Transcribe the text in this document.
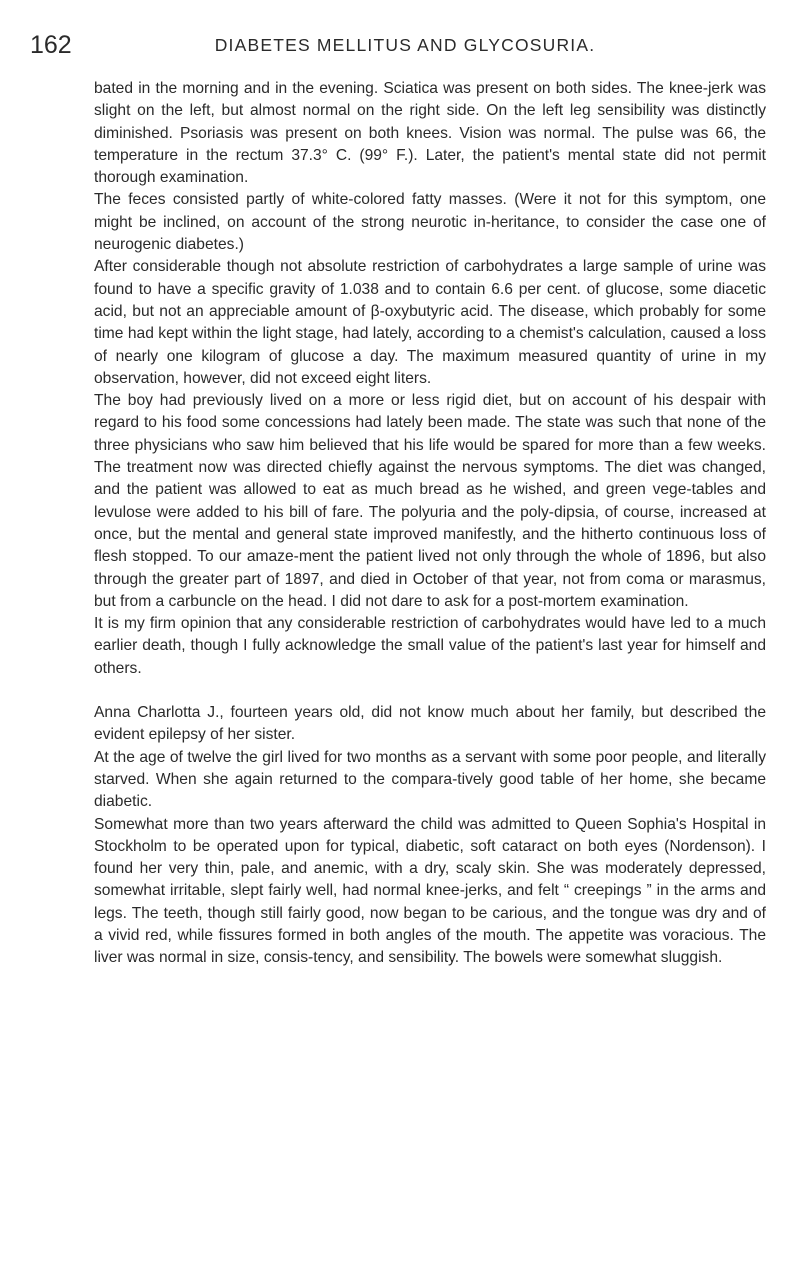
162	DIABETES MELLITUS AND GLYCOSURIA.

bated in the morning and in the evening. Sciatica was present on both sides. The knee-jerk was slight on the left, but almost normal on the right side. On the left leg sensibility was distinctly diminished. Psoriasis was present on both knees. Vision was normal. The pulse was 66, the temperature in the rectum 37.3° C. (99° F.). Later, the patient's mental state did not permit thorough examination.

The feces consisted partly of white-colored fatty masses. (Were it not for this symptom, one might be inclined, on account of the strong neurotic in-heritance, to consider the case one of neurogenic diabetes.)

After considerable though not absolute restriction of carbohydrates a large sample of urine was found to have a specific gravity of 1.038 and to contain 6.6 per cent. of glucose, some diacetic acid, but not an appreciable amount of β-oxybutyric acid. The disease, which probably for some time had kept within the light stage, had lately, according to a chemist's calculation, caused a loss of nearly one kilogram of glucose a day. The maximum measured quantity of urine in my observation, however, did not exceed eight liters.

The boy had previously lived on a more or less rigid diet, but on account of his despair with regard to his food some concessions had lately been made. The state was such that none of the three physicians who saw him believed that his life would be spared for more than a few weeks. The treatment now was directed chiefly against the nervous symptoms. The diet was changed, and the patient was allowed to eat as much bread as he wished, and green vege-tables and levulose were added to his bill of fare. The polyuria and the poly-dipsia, of course, increased at once, but the mental and general state improved manifestly, and the hitherto continuous loss of flesh stopped. To our amaze-ment the patient lived not only through the whole of 1896, but also through the greater part of 1897, and died in October of that year, not from coma or marasmus, but from a carbuncle on the head. I did not dare to ask for a post-mortem examination.

It is my firm opinion that any considerable restriction of carbohydrates would have led to a much earlier death, though I fully acknowledge the small value of the patient's last year for himself and others.

Anna Charlotta J., fourteen years old, did not know much about her family, but described the evident epilepsy of her sister.

At the age of twelve the girl lived for two months as a servant with some poor people, and literally starved. When she again returned to the compara-tively good table of her home, she became diabetic.

Somewhat more than two years afterward the child was admitted to Queen Sophia's Hospital in Stockholm to be operated upon for typical, diabetic, soft cataract on both eyes (Nordenson). I found her very thin, pale, and anemic, with a dry, scaly skin. She was moderately depressed, somewhat irritable, slept fairly well, had normal knee-jerks, and felt “ creepings ” in the arms and legs. The teeth, though still fairly good, now began to be carious, and the tongue was dry and of a vivid red, while fissures formed in both angles of the mouth. The appetite was voracious. The liver was normal in size, consis-tency, and sensibility. The bowels were somewhat sluggish.
